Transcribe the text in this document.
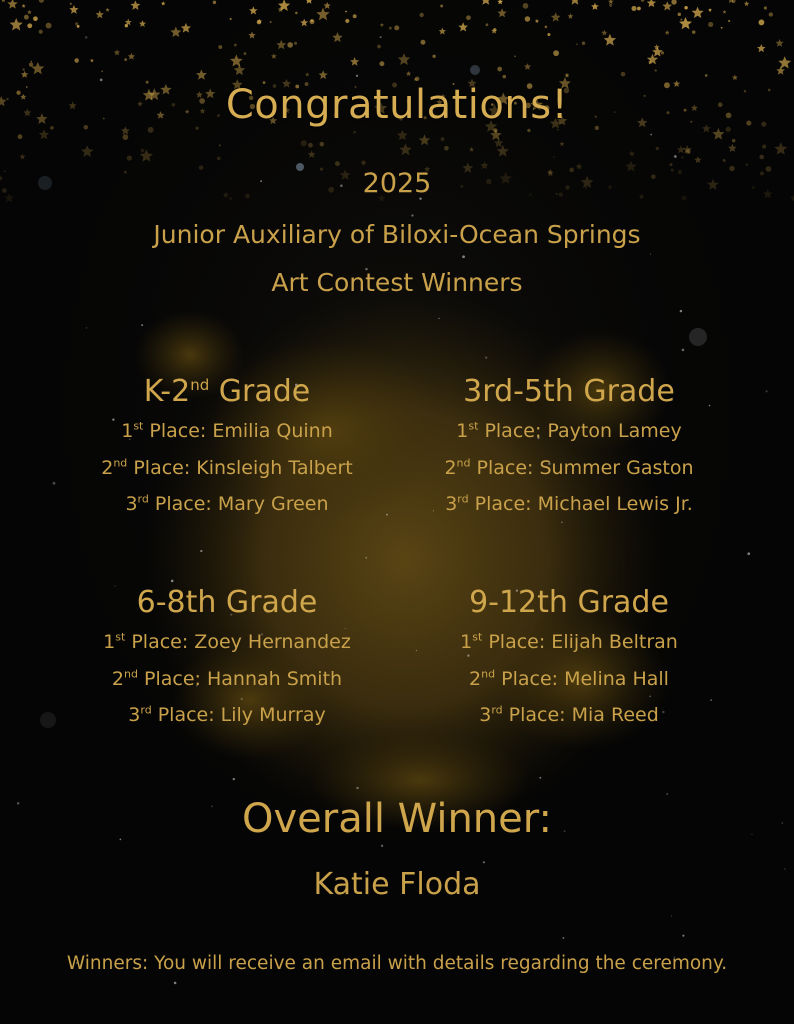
Congratulations!
2025
Junior Auxiliary of Biloxi-Ocean Springs
Art Contest Winners
K-2nd Grade
1st Place: Emilia Quinn
2nd Place: Kinsleigh Talbert
3rd Place: Mary Green
3rd-5th Grade
1st Place: Payton Lamey
2nd Place: Summer Gaston
3rd Place: Michael Lewis Jr.
6-8th Grade
1st Place: Zoey Hernandez
2nd Place: Hannah Smith
3rd Place: Lily Murray
9-12th Grade
1st Place: Elijah Beltran
2nd Place: Melina Hall
3rd Place: Mia Reed
Overall Winner:
Katie Floda
Winners: You will receive an email with details regarding the ceremony.
